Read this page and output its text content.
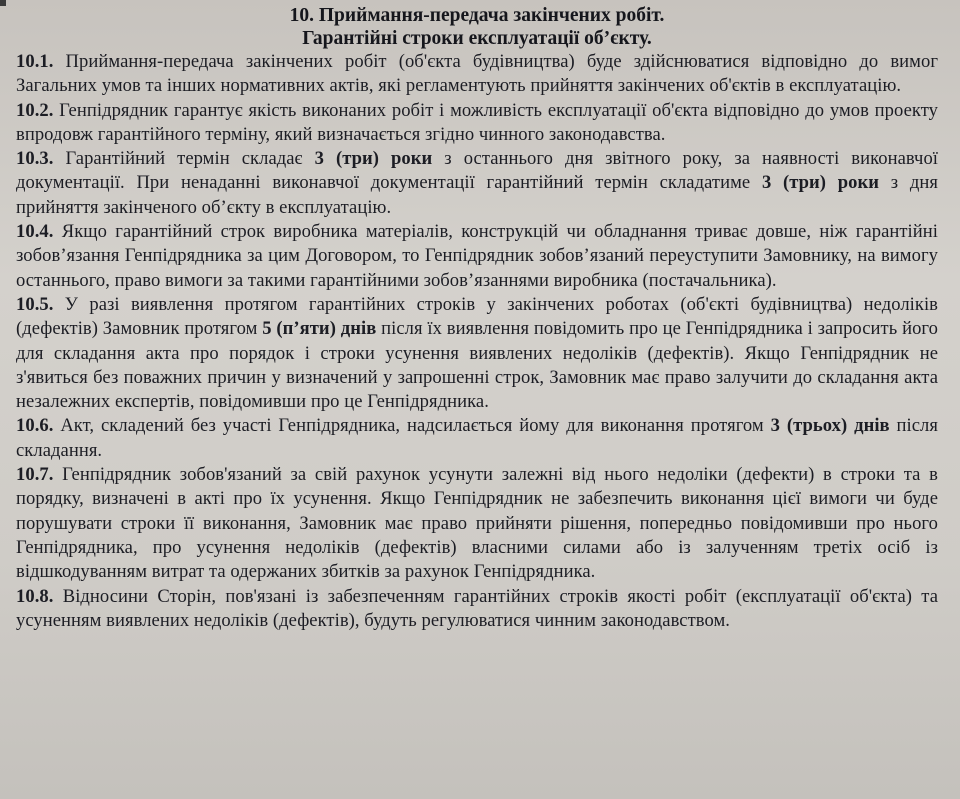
10. Приймання-передача закінчених робіт.
Гарантійні строки експлуатації об’єкту.

10.1. Приймання-передача закінчених робіт (об'єкта будівництва) буде здійснюватися відповідно до вимог Загальних умов та інших нормативних актів, які регламентують прийняття закінчених об'єктів в експлуатацію.

10.2. Генпідрядник гарантує якість виконаних робіт і можливість експлуатації об'єкта відповідно до умов проекту впродовж гарантійного терміну, який визначається згідно чинного законодавства.

10.3. Гарантійний термін складає 3 (три) роки з останнього дня звітного року, за наявності виконавчої документації. При ненаданні виконавчої документації гарантійний термін складатиме 3 (три) роки з дня прийняття закінченого об’єкту в експлуатацію.

10.4. Якщо гарантійний строк виробника матеріалів, конструкцій чи обладнання триває довше, ніж гарантійні зобов’язання Генпідрядника за цим Договором, то Генпідрядник зобов’язаний переуступити Замовнику, на вимогу останнього, право вимоги за такими гарантійними зобов’язаннями виробника (постачальника).

10.5. У разі виявлення протягом гарантійних строків у закінчених роботах (об'єкті будівництва) недоліків (дефектів) Замовник протягом 5 (п’яти) днів після їх виявлення повідомить про це Генпідрядника і запросить його для складання акта про порядок і строки усунення виявлених недоліків (дефектів). Якщо Генпідрядник не з'явиться без поважних причин у визначений у запрошенні строк, Замовник має право залучити до складання акта незалежних експертів, повідомивши про це Генпідрядника.

10.6. Акт, складений без участі Генпідрядника, надсилається йому для виконання протягом 3 (трьох) днів після складання.

10.7. Генпідрядник зобов'язаний за свій рахунок усунути залежні від нього недоліки (дефекти) в строки та в порядку, визначені в акті про їх усунення. Якщо Генпідрядник не забезпечить виконання цієї вимоги чи буде порушувати строки її виконання, Замовник має право прийняти рішення, попередньо повідомивши про нього Генпідрядника, про усунення недоліків (дефектів) власними силами або із залученням третіх осіб із відшкодуванням витрат та одержаних збитків за рахунок Генпідрядника.

10.8. Відносини Сторін, пов'язані із забезпеченням гарантійних строків якості робіт (експлуатації об'єкта) та усуненням виявлених недоліків (дефектів), будуть регулюватися чинним законодавством.
